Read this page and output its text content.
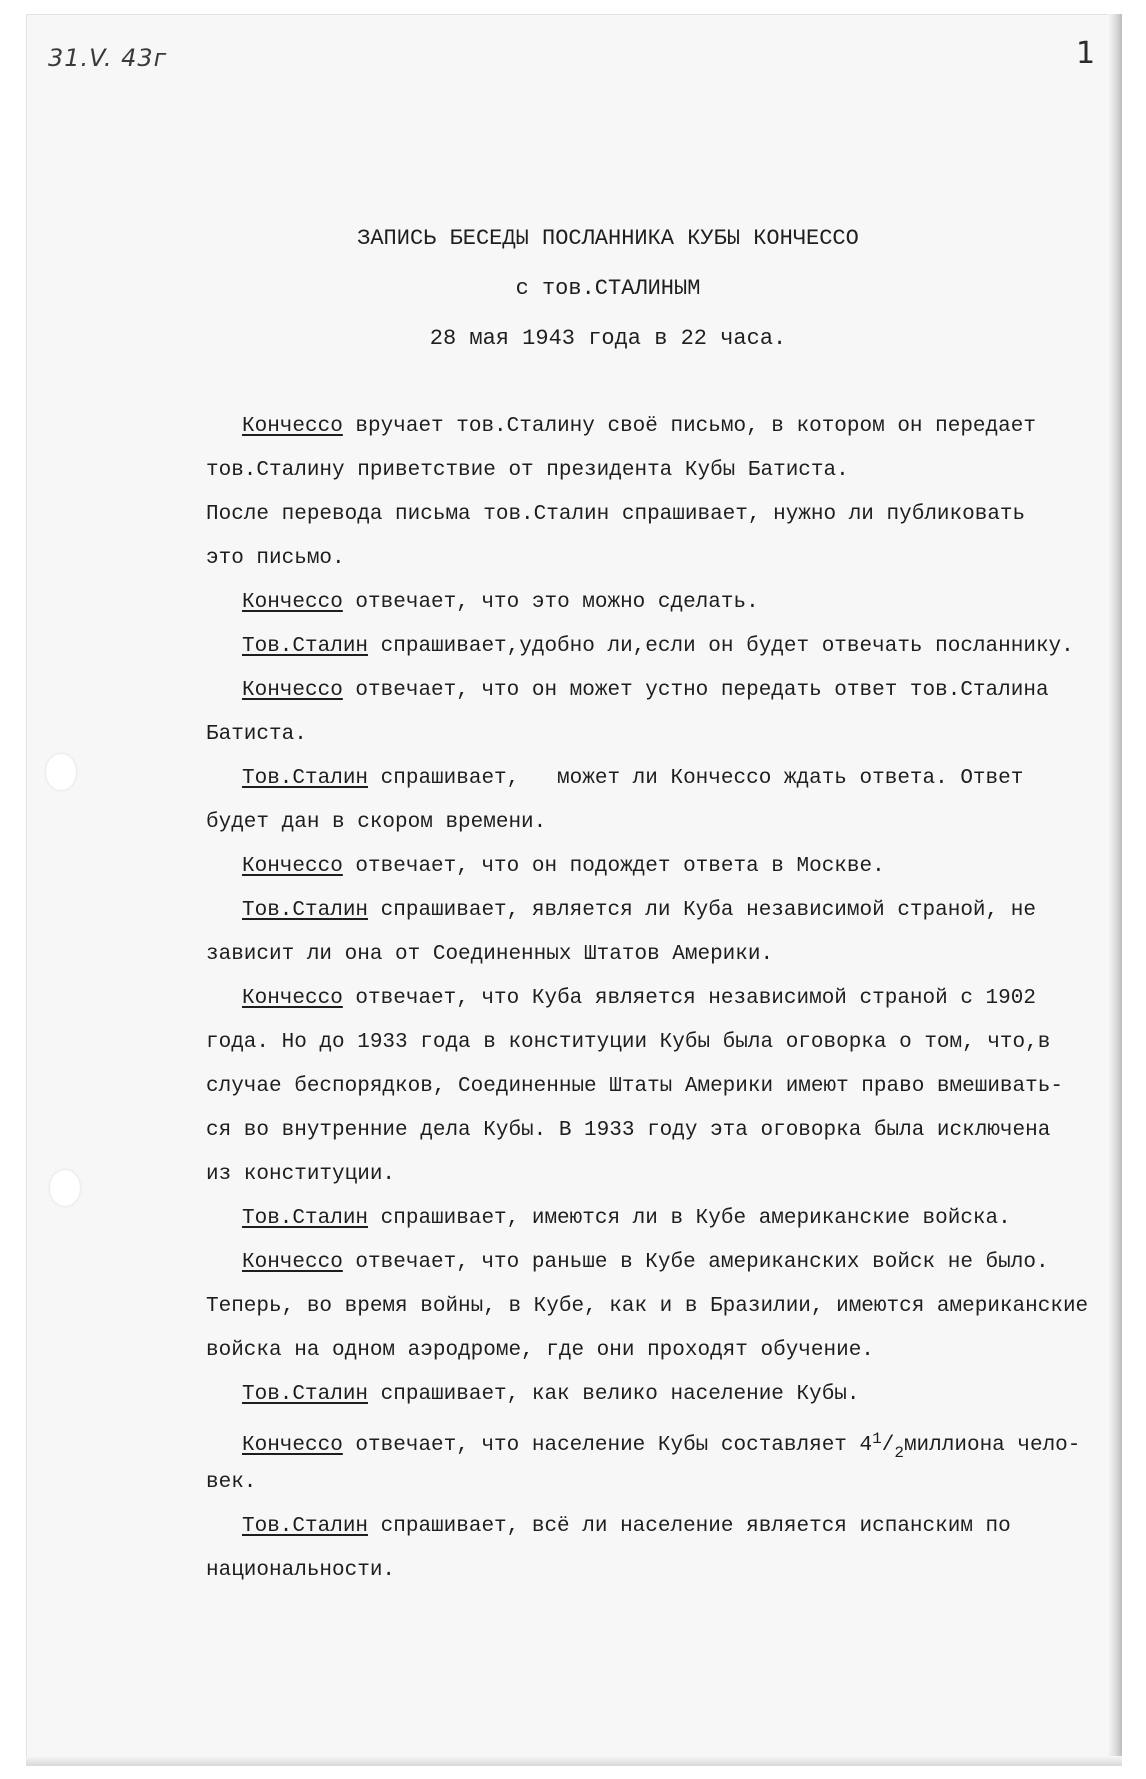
31.V. 43г	1
ЗАПИСЬ БЕСЕДЫ ПОСЛАННИКА КУБЫ КОНЧЕССО
с тов.СТАЛИНЫМ
28 мая 1943 года в 22 часа.
Кончессо вручает тов.Сталину своё письмо, в котором он передает
тов.Сталину приветствие от президента Кубы Батиста.
После перевода письма тов.Сталин спрашивает, нужно ли публиковать
это письмо.
Кончессо отвечает, что это можно сделать.
Тов.Сталин спрашивает,удобно ли,если он будет отвечать посланнику.
Кончессо отвечает, что он может устно передать ответ тов.Сталина
Батиста.
Тов.Сталин спрашивает,   может ли Кончессо ждать ответа. Ответ
будет дан в скором времени.
Кончессо отвечает, что он подождет ответа в Москве.
Тов.Сталин спрашивает, является ли Куба независимой страной, не
зависит ли она от Соединенных Штатов Америки.
Кончессо отвечает, что Куба является независимой страной с 1902
года. Но до 1933 года в конституции Кубы была оговорка о том, что,в
случае беспорядков, Соединенные Штаты Америки имеют право вмешивать-
ся во внутренние дела Кубы. В 1933 году эта оговорка была исключена
из конституции.
Тов.Сталин спрашивает, имеются ли в Кубе американские войска.
Кончессо отвечает, что раньше в Кубе американских войск не было.
Теперь, во время войны, в Кубе, как и в Бразилии, имеются американские
войска на одном аэродроме, где они проходят обучение.
Тов.Сталин спрашивает, как велико население Кубы.
Кончессо отвечает, что население Кубы составляет $4^1/_2миллиона$ чело-
век.
Тов.Сталин спрашивает, всё ли население является испанским по
национальности.
